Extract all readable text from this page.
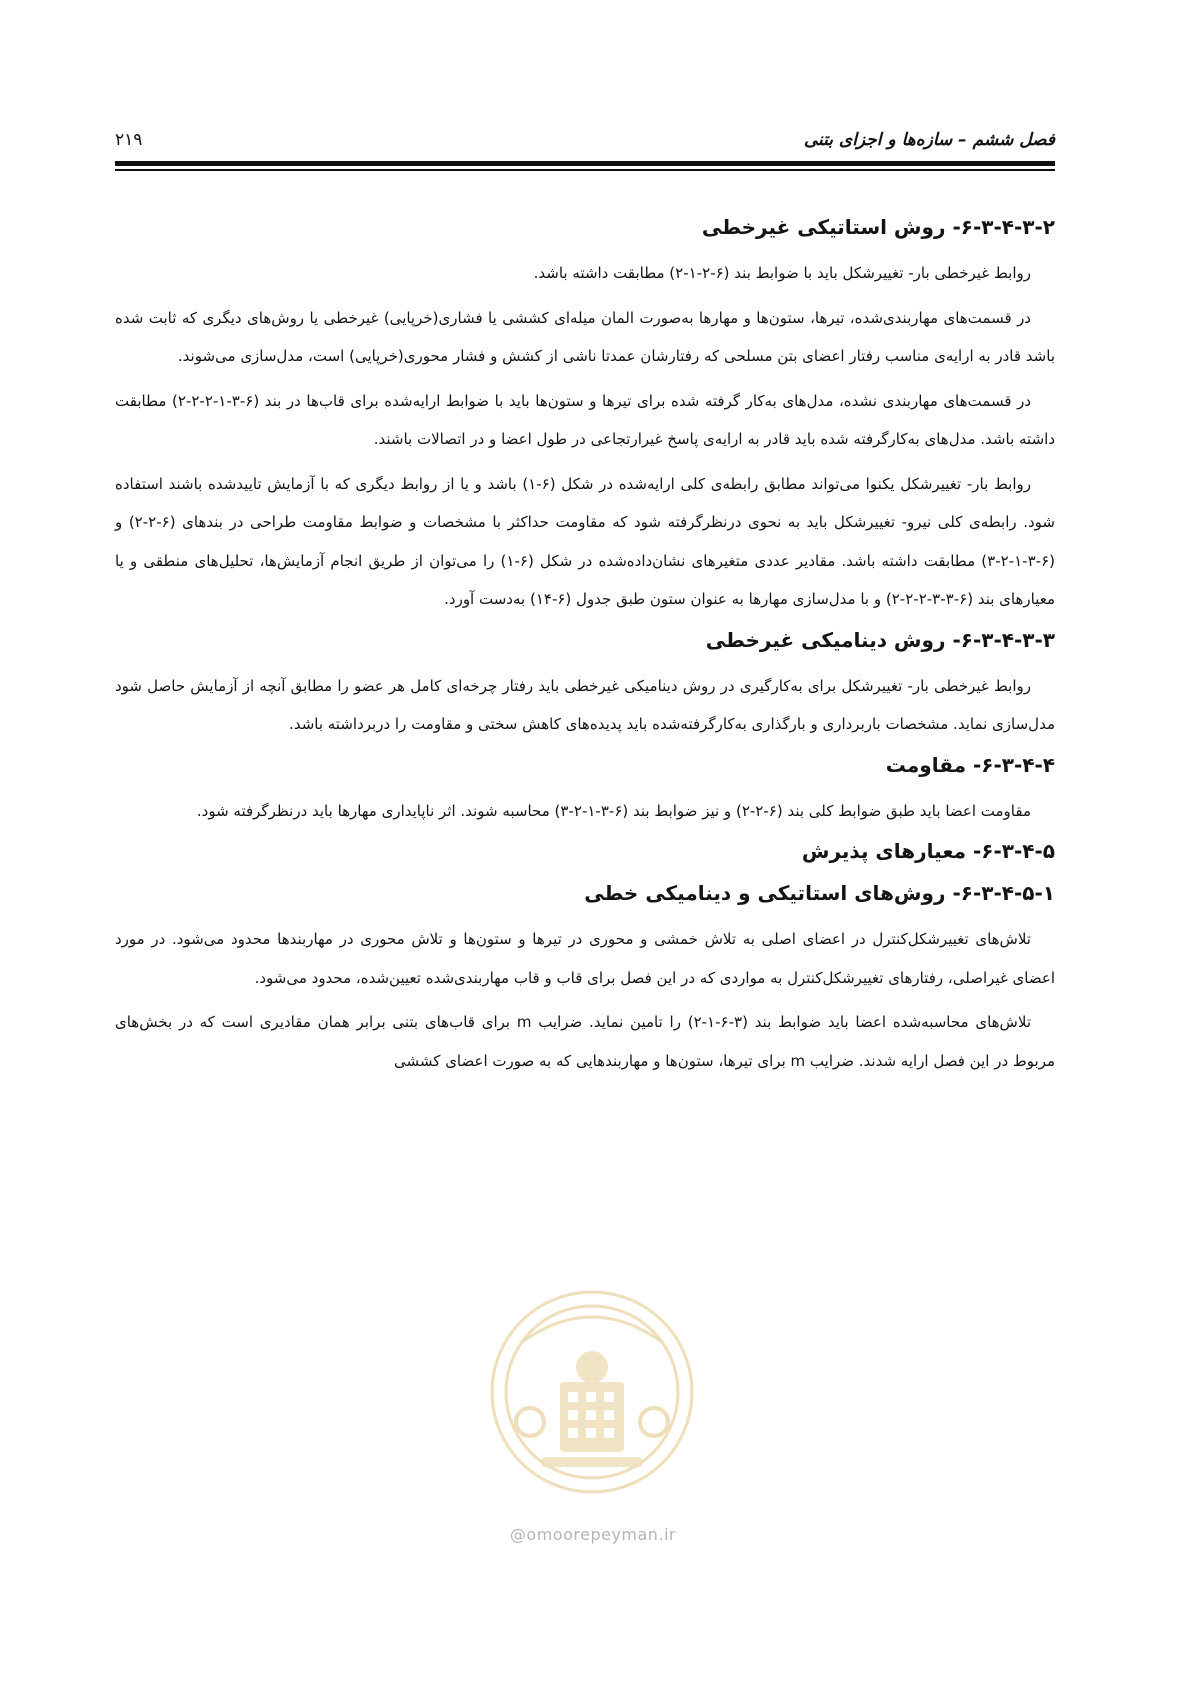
فصل ششم – سازه‌ها و اجزای بتنی
۲۱۹
۶-۳-۴-۳-۲- روش استاتیکی غیرخطی

روابط غیرخطی بار- تغییرشکل باید با ضوابط بند (۶-۲-۱-۲) مطابقت داشته باشد.

در قسمت‌های مهاربندی‌شده، تیرها، ستون‌ها و مهارها به‌صورت المان میله‌ای کششی یا فشاری(خرپایی) غیرخطی یا روش‌های دیگری که ثابت شده باشد قادر به ارایه‌ی مناسب رفتار اعضای بتن مسلحی که رفتارشان عمدتا ناشی از کشش و فشار محوری(خرپایی) است، مدل‌سازی می‌شوند.

در قسمت‌های مهاربندی نشده، مدل‌های به‌کار گرفته شده برای تیرها و ستون‌ها باید با ضوابط ارایه‌شده برای قاب‌ها در بند (۶-۳-۱-۲-۲-۲) مطابقت داشته باشد. مدل‌های به‌کارگرفته شده باید قادر به ارایه‌ی پاسخ غیرارتجاعی در طول اعضا و در اتصالات باشند.

روابط بار- تغییرشکل یکنوا می‌تواند مطابق رابطه‌ی کلی ارایه‌شده در شکل (۶-۱) باشد و یا از روابط دیگری که با آزمایش تاییدشده باشند استفاده شود. رابطه‌ی کلی نیرو- تغییرشکل باید به نحوی درنظرگرفته شود که مقاومت حداکثر با مشخصات و ضوابط مقاومت طراحی در بندهای (۶-۲-۲) و (۶-۳-۱-۲-۳) مطابقت داشته باشد. مقادیر عددی متغیرهای نشان‌داده‌شده در شکل (۶-۱) را می‌توان از طریق انجام آزمایش‌ها، تحلیل‌های منطقی و یا معیارهای بند (۶-۳-۳-۲-۲-۲) و با مدل‌سازی مهارها به عنوان ستون طبق جدول (۶-۱۴) به‌دست آورد.

۶-۳-۴-۳-۳- روش دینامیکی غیرخطی

روابط غیرخطی بار- تغییرشکل برای به‌کارگیری در روش دینامیکی غیرخطی باید رفتار چرخه‌ای کامل هر عضو را مطابق آنچه از آزمایش حاصل شود مدل‌سازی نماید. مشخصات باربرداری و بارگذاری به‌کارگرفته‌شده باید پدیده‌های کاهش سختی و مقاومت را دربرداشته باشد.

۶-۳-۴-۴- مقاومت

مقاومت اعضا باید طبق ضوابط کلی بند (۶-۲-۲) و نیز ضوابط بند (۶-۳-۱-۲-۳) محاسبه شوند. اثر ناپایداری مهارها باید درنظرگرفته شود.

۶-۳-۴-۵- معیارهای پذیرش
۶-۳-۴-۵-۱- روش‌های استاتیکی و دینامیکی خطی

تلاش‌های تغییرشکل‌کنترل در اعضای اصلی به تلاش خمشی و محوری در تیرها و ستون‌ها و تلاش محوری در مهاربندها محدود می‌شود. در مورد اعضای غیراصلی، رفتارهای تغییرشکل‌کنترل به مواردی که در این فصل برای قاب و قاب مهاربندی‌شده تعیین‌شده، محدود می‌شود.

تلاش‌های محاسبه‌شده اعضا باید ضوابط بند (۳-۶-۱-۲) را تامین نماید. ضرایب m برای قاب‌های بتنی برابر همان مقادیری است که در بخش‌های مربوط در این فصل ارایه شدند. ضرایب m برای تیرها، ستون‌ها و مهاربندهایی که به صورت اعضای کششی

@omoorepeyman.ir
